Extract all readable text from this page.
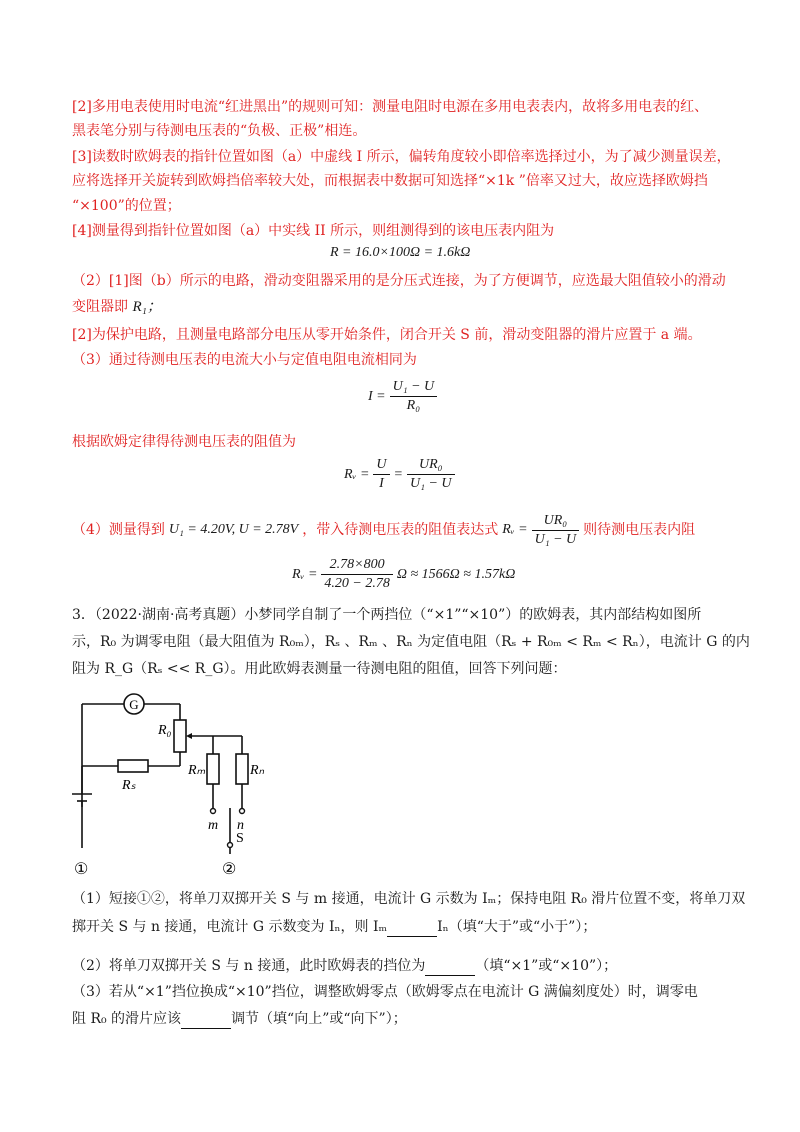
[2]多用电表使用时电流“红进黑出”的规则可知：测量电阻时电源在多用电表表内，故将多用电表的红、
黑表笔分别与待测电压表的“负极、正极”相连。
[3]读数时欧姆表的指针位置如图（a）中虚线 I 所示，偏转角度较小即倍率选择过小，为了减少测量误差，
应将选择开关旋转到欧姆挡倍率较大处，而根据表中数据可知选择“×1k ”倍率又过大，故应选择欧姆挡
“×100”的位置；
[4]测量得到指针位置如图（a）中实线 II 所示，则组测得到的该电压表内阻为
R = 16.0×100Ω = 1.6kΩ
（2）[1]图（b）所示的电路，滑动变阻器采用的是分压式连接，为了方便调节，应选最大阻值较小的滑动
变阻器即 R₁；
[2]为保护电路，且测量电路部分电压从零开始条件，闭合开关 S 前，滑动变阻器的滑片应置于 a 端。
（3）通过待测电压表的电流大小与定值电阻电流相同为
$I = \frac{\text{U₁ − U}}{\text{R₀}}$
根据欧姆定律得待测电压表的阻值为
Rᵥ = $\frac{U}{I} = \frac{\text{UR₀}}{\text{U₁ − U}}$
（4）测量得到 U₁ = 4.20V, U = 2.78V ，带入待测电压表的阻值表达式 Rᵥ = $\frac{\text{UR₀}}{\text{U₁ − U}}$ 则待测电压表内阻
Rᵥ = $\frac{2.78\times 800}{4.20 - 2.78}$ Ω ≈ 1566Ω ≈ 1.57kΩ
3．（2022·湖南·高考真题）小梦同学自制了一个两挡位（“×1”“×10”）的欧姆表，其内部结构如图所
示，R₀ 为调零电阻（最大阻值为 R₀ₘ），Rₛ 、Rₘ 、Rₙ 为定值电阻（Rₛ + R₀ₘ < Rₘ < Rₙ），电流计 G 的内
阻为 R_G（Rₛ << R_G）。用此欧姆表测量一待测电阻的阻值，回答下列问题：
G
R₀
Rₛ
Rₘ	Rₙ
m n
S
①	②
（1）短接①②，将单刀双掷开关 S 与 m 接通，电流计 G 示数为 Iₘ；保持电阻 R₀ 滑片位置不变，将单刀双
掷开关 S 与 n 接通，电流计 G 示数变为 Iₙ，则 Iₘ	Iₙ（填“大于”或“小于”）；
（2）将单刀双掷开关 S 与 n 接通，此时欧姆表的挡位为	（填“×1”或“×10”）；
（3）若从“×1”挡位换成“×10”挡位，调整欧姆零点（欧姆零点在电流计 G 满偏刻度处）时，调零电
阻 R₀ 的滑片应该	调节（填“向上”或“向下”）；
